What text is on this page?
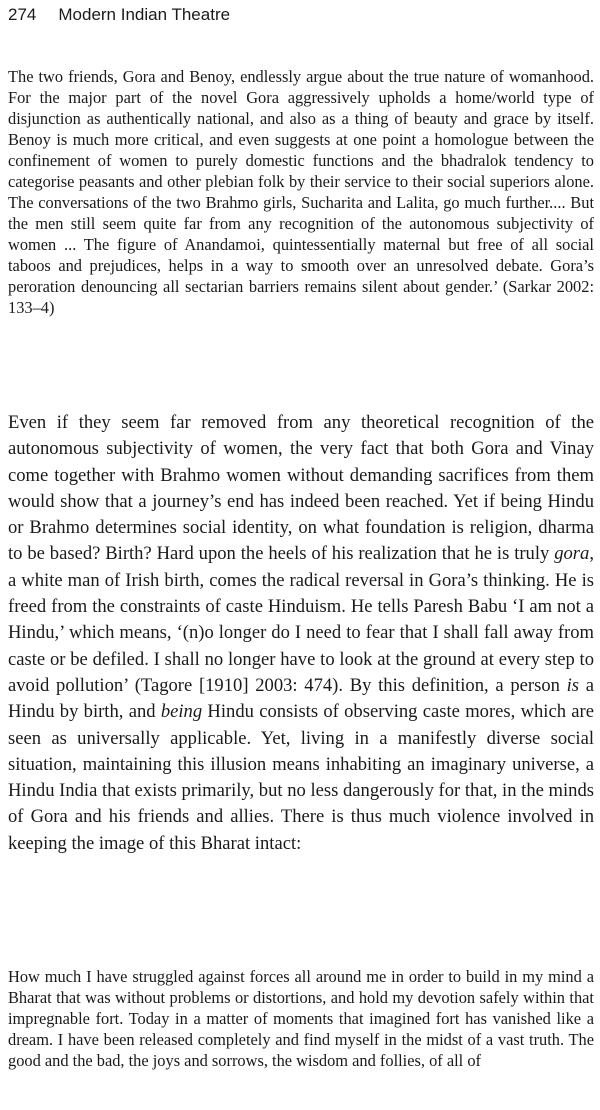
274 Modern Indian Theatre

The two friends, Gora and Benoy, endlessly argue about the true nature of womanhood. For the major part of the novel Gora aggressively upholds a home/world type of disjunction as authentically national, and also as a thing of beauty and grace by itself. Benoy is much more critical, and even suggests at one point a homologue between the confinement of women to purely domestic functions and the bhadralok tendency to categorise peasants and other plebian folk by their service to their social superiors alone. The conversations of the two Brahmo girls, Sucharita and Lalita, go much further.... But the men still seem quite far from any recognition of the autonomous subjectivity of women ... The figure of Anandamoi, quintessentially maternal but free of all social taboos and prejudices, helps in a way to smooth over an unresolved debate. Gora’s peroration denouncing all sectarian barriers remains silent about gender.’ (Sarkar 2002: 133–4)

Even if they seem far removed from any theoretical recognition of the autonomous subjectivity of women, the very fact that both Gora and Vinay come together with Brahmo women without demanding sacrifices from them would show that a journey’s end has indeed been reached. Yet if being Hindu or Brahmo determines social identity, on what foundation is religion, dharma to be based? Birth? Hard upon the heels of his realization that he is truly gora, a white man of Irish birth, comes the radical reversal in Gora’s thinking. He is freed from the constraints of caste Hinduism. He tells Paresh Babu ‘I am not a Hindu,’ which means, ‘(n)o longer do I need to fear that I shall fall away from caste or be defiled. I shall no longer have to look at the ground at every step to avoid pollution’ (Tagore [1910] 2003: 474). By this definition, a person is a Hindu by birth, and being Hindu consists of observing caste mores, which are seen as universally applicable. Yet, living in a manifestly diverse social situation, maintaining this illusion means inhabiting an imaginary universe, a Hindu India that exists primarily, but no less dangerously for that, in the minds of Gora and his friends and allies. There is thus much violence involved in keeping the image of this Bharat intact:

How much I have struggled against forces all around me in order to build in my mind a Bharat that was without problems or distortions, and hold my devotion safely within that impregnable fort. Today in a matter of moments that imagined fort has vanished like a dream. I have been released completely and find myself in the midst of a vast truth. The good and the bad, the joys and sorrows, the wisdom and follies, of all of
